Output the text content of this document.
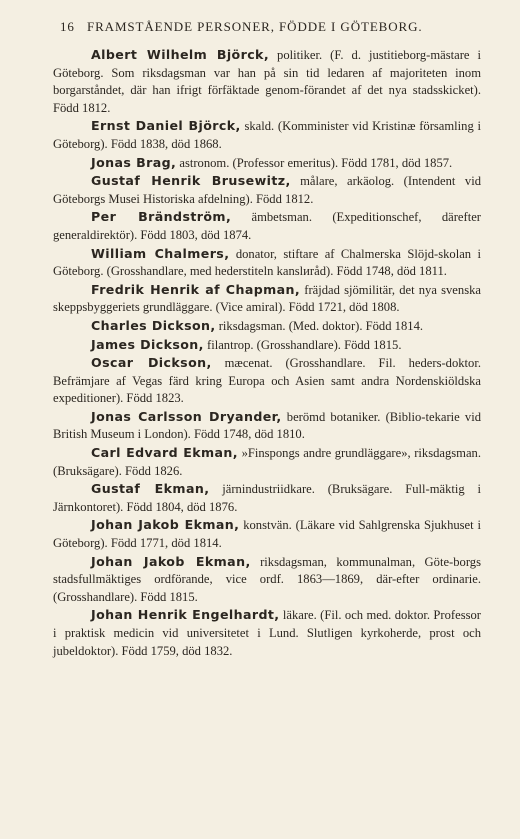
16 FRAMSTÅENDE PERSONER, FÖDDE I GÖTEBORG.
Albert Wilhelm Björck, politiker. (F. d. justitieborg-mästare i Göteborg. Som riksdagsman var han på sin tid ledaren af majoriteten inom borgarståndet, där han ifrigt förfäktade genom-förandet af det nya stadsskicket). Född 1812.
Ernst Daniel Björck, skald. (Komminister vid Kristinæ församling i Göteborg). Född 1838, död 1868.
Jonas Brag, astronom. (Professor emeritus). Född 1781, död 1857.
Gustaf Henrik Brusewitz, målare, arkäolog. (Intendent vid Göteborgs Musei Historiska afdelning). Född 1812.
Per Brändström, ämbetsman. (Expeditionschef, därefter generaldirektör). Född 1803, död 1874.
William Chalmers, donator, stiftare af Chalmerska Slöjd-skolan i Göteborg. (Grosshandlare, med hederstiteln kanslиråd). Född 1748, död 1811.
Fredrik Henrik af Chapman, fräjdad sjömilitär, det nya svenska skeppsbyggeriets grundläggare. (Vice amiral). Född 1721, död 1808.
Charles Dickson, riksdagsman. (Med. doktor). Född 1814.
James Dickson, filantrop. (Grosshandlare). Född 1815.
Oscar Dickson, mæcenat. (Grosshandlare. Fil. heders-doktor. Befrämjare af Vegas färd kring Europa och Asien samt andra Nordenskiöldska expeditioner). Född 1823.
Jonas Carlsson Dryander, berömd botaniker. (Biblio-tekarie vid British Museum i London). Född 1748, död 1810.
Carl Edvard Ekman, »Finspongs andre grundläggare», riksdagsman. (Bruksägare). Född 1826.
Gustaf Ekman, järnindustriidkare. (Bruksägare. Full-mäktig i Järnkontoret). Född 1804, död 1876.
Johan Jakob Ekman, konstvän. (Läkare vid Sahlgrenska Sjukhuset i Göteborg). Född 1771, död 1814.
Johan Jakob Ekman, riksdagsman, kommunalman, Göte-borgs stadsfullmäktiges ordförande, vice ordf. 1863—1869, där-efter ordinarie. (Grosshandlare). Född 1815.
Johan Henrik Engelhardt, läkare. (Fil. och med. doktor. Professor i praktisk medicin vid universitetet i Lund. Slutligen kyrkoherde, prost och jubeldoktor). Född 1759, död 1832.
